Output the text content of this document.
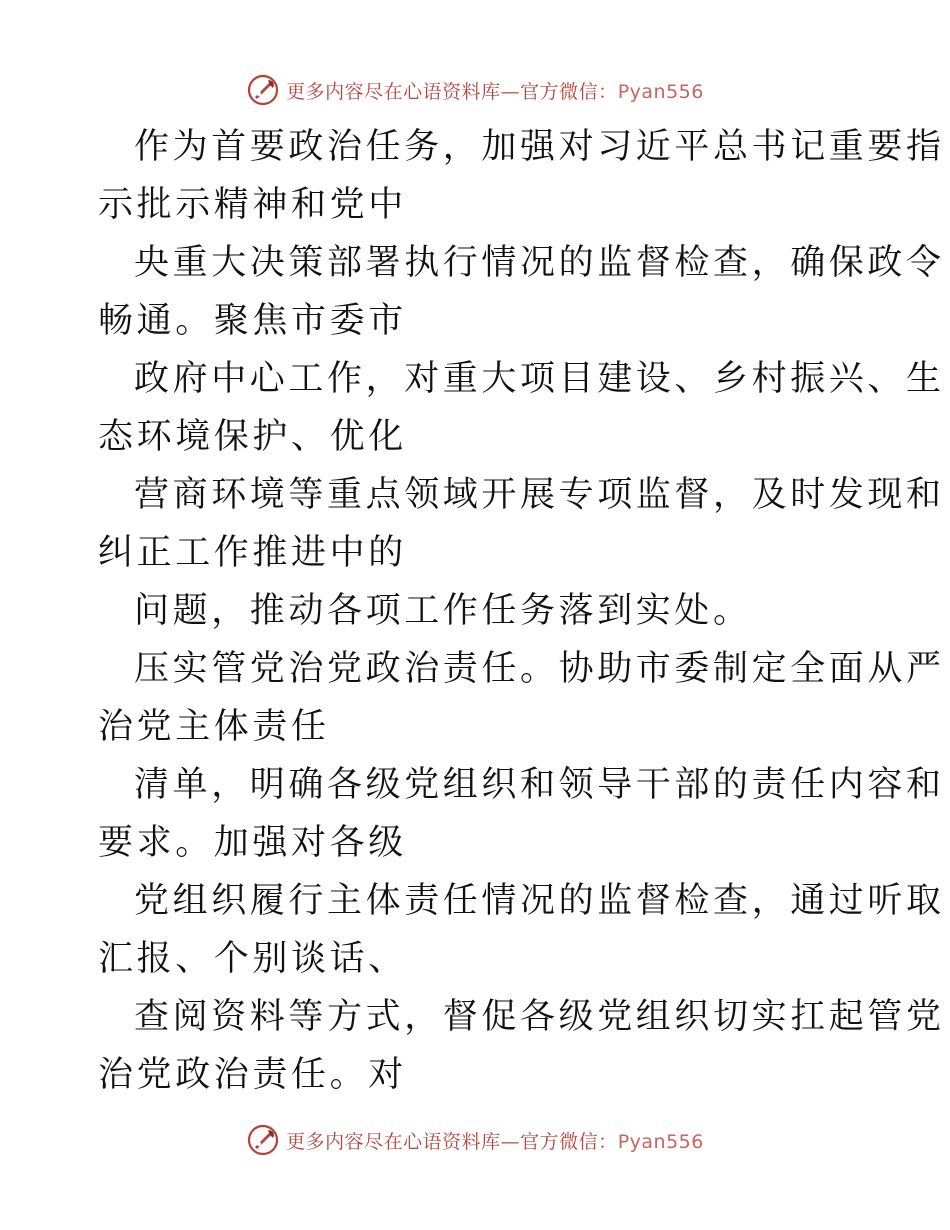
更多内容尽在心语资料库—官方微信：Pyan556
作为首要政治任务，加强对习近平总书记重要指
示批示精神和党中
央重大决策部署执行情况的监督检查，确保政令
畅通。聚焦市委市
政府中心工作，对重大项目建设、乡村振兴、生
态环境保护、优化
营商环境等重点领域开展专项监督，及时发现和
纠正工作推进中的
问题，推动各项工作任务落到实处。
压实管党治党政治责任。协助市委制定全面从严
治党主体责任
清单，明确各级党组织和领导干部的责任内容和
要求。加强对各级
党组织履行主体责任情况的监督检查，通过听取
汇报、个别谈话、
查阅资料等方式，督促各级党组织切实扛起管党
治党政治责任。对
更多内容尽在心语资料库—官方微信：Pyan556
